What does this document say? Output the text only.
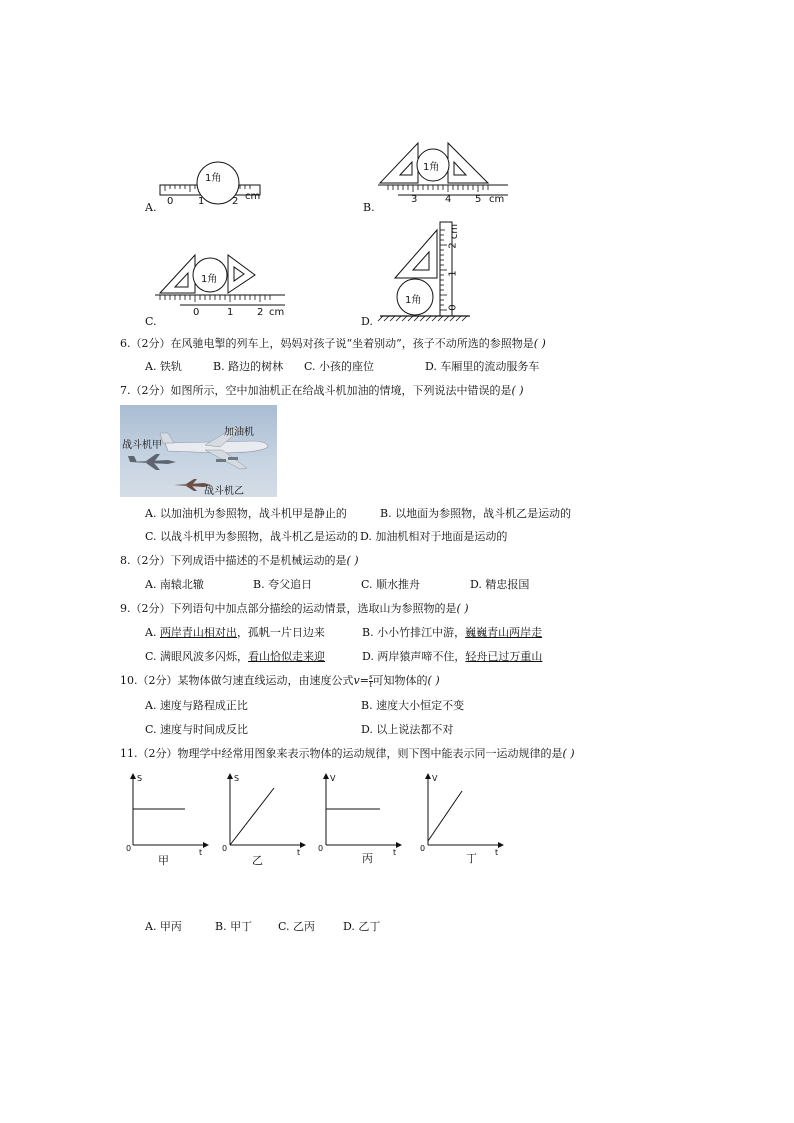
A.
1角
0 1	2 cm
B.
1角
3	4 5 cm
C.
1角
0	1 2 cm
D.
1角
0
1
2
cm
6.（2分）在风驰电掣的列车上，妈妈对孩子说“坐着别动”，孩子不动所选的参照物是( )
A. 铁轨	B. 路边的树林 C. 小孩的座位	D. 车厢里的流动服务车
7.（2分）如图所示，空中加油机正在给战斗机加油的情境，下列说法中错误的是( )
加油机
战斗机甲
战斗机乙
A. 以加油机为参照物，战斗机甲是静止的	B. 以地面为参照物，战斗机乙是运动的
C. 以战斗机甲为参照物，战斗机乙是运动的 D. 加油机相对于地面是运动的
8.（2分）下列成语中描述的不是机械运动的是( )
A. 南辕北辙	B. 夸父追日	C. 顺水推舟	D. 精忠报国
9.（2分）下列语句中加点部分描绘的运动情景，选取山为参照物的是( )
A. 两岸青山相对出，孤帆一片日边来	B. 小小竹排江中游，巍巍青山两岸走
C. 满眼风波多闪烁，看山恰似走来迎	D. 两岸猿声啼不住，轻舟已过万重山
10.（2分）某物体做匀速直线运动，由速度公式$v= \frac{s}{t}$ 可知物体的( )
A. 速度与路程成正比	B. 速度大小恒定不变
C. 速度与时间成反比	D. 以上说法都不对
11.（2分）物理学中经常用图象来表示物体的运动规律，则下图中能表示同一运动规律的是( )
S
0	t
甲
S
0	t
乙
V
0	t
丙
V
0	t
丁
A. 甲丙	B. 甲丁 C. 乙丙	D. 乙丁
